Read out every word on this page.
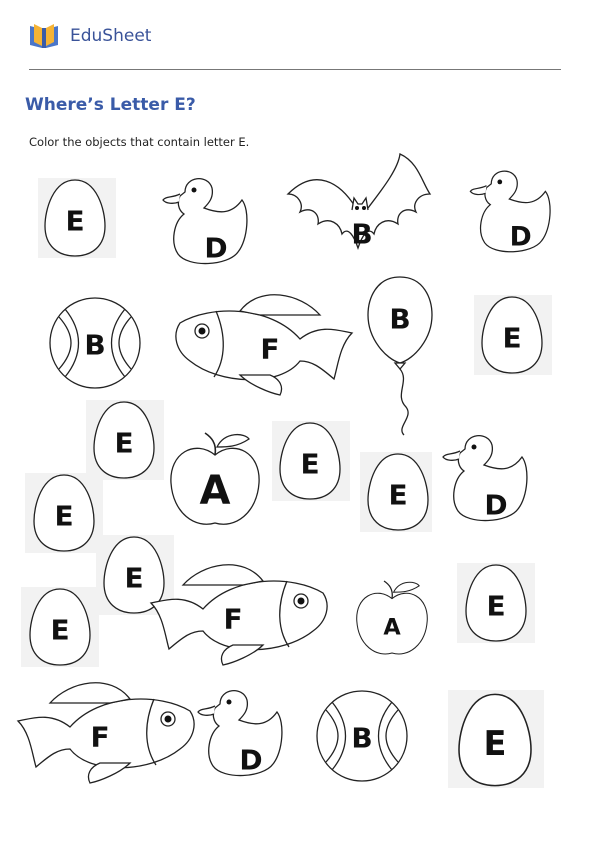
EduSheet
Where’s Letter E?
Color the objects that contain letter E.
E
D	B	D
B	F
B
E
E
A
E
E	D
E
E
E	F	A
E
F
D
B	E
